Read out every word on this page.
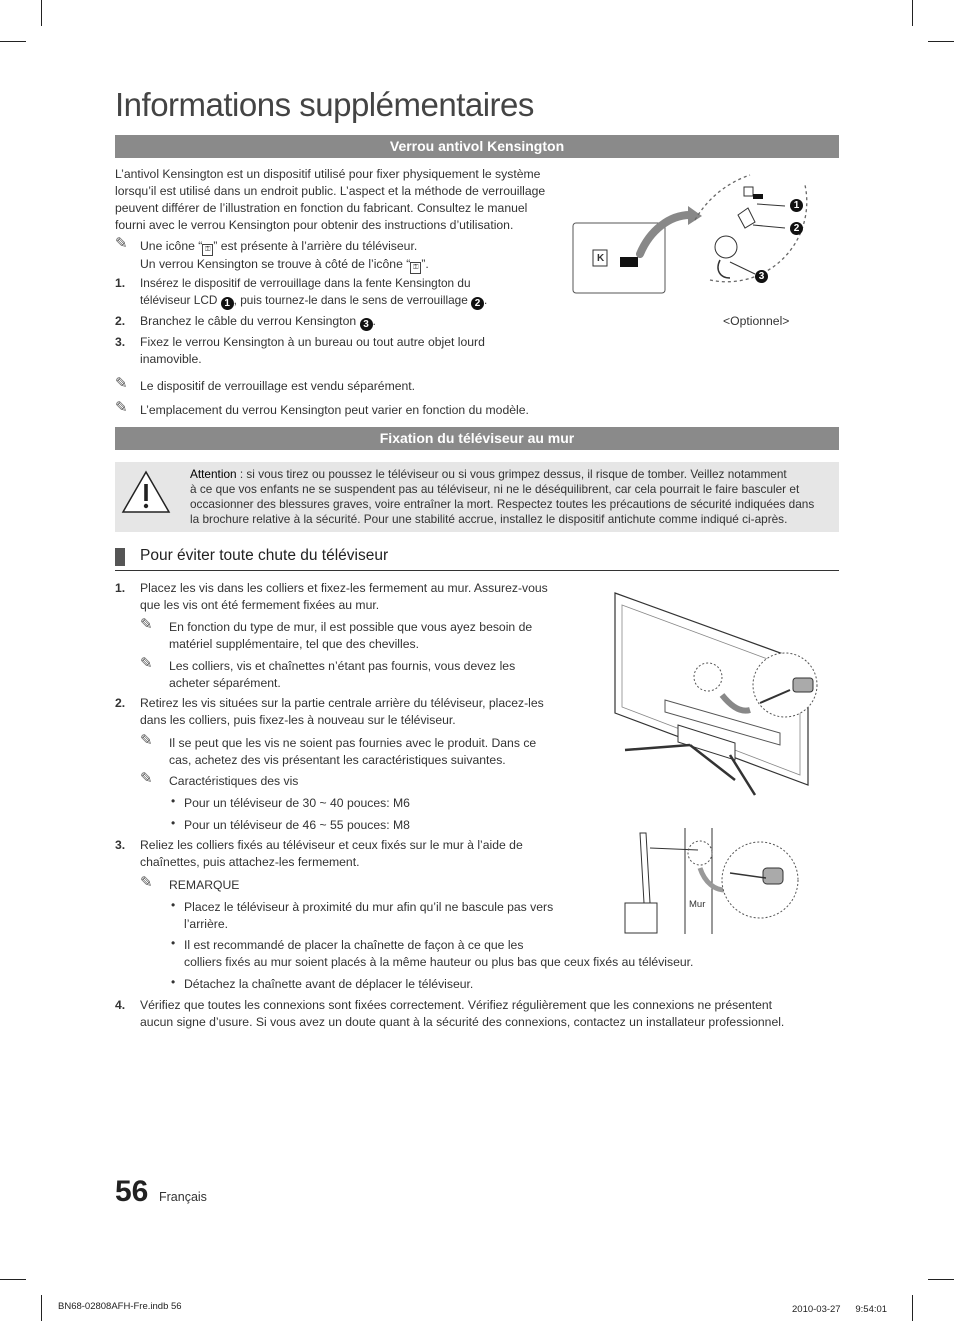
Informations supplémentaires
Verrou antivol Kensington
L’antivol Kensington est un dispositif utilisé pour fixer physiquement le système
lorsqu’il est utilisé dans un endroit public. L’aspect et la méthode de verrouillage
peuvent différer de l’illustration en fonction du fabricant. Consultez le manuel
fourni avec le verrou Kensington pour obtenir des instructions d’utilisation.
✎ Une icône “ ⚿ ” est présente à l’arrière du téléviseur.
Un verrou Kensington se trouve à côté de l’icône “ ⚿ ”.
1. Insérez le dispositif de verrouillage dans la fente Kensington du
téléviseur LCD 1 , puis tournez-le dans le sens de verrouillage 2 .
2. Branchez le câble du verrou Kensington 3 .
3. Fixez le verrou Kensington à un bureau ou tout autre objet lourd
inamovible.
✎ Le dispositif de verrouillage est vendu séparément.
✎ L’emplacement du verrou Kensington peut varier en fonction du modèle.
K
1
2
3
<Optionnel>
Fixation du téléviseur au mur
Attention : si vous tirez ou poussez le téléviseur ou si vous grimpez dessus, il risque de tomber. Veillez notamment
à ce que vos enfants ne se suspendent pas au téléviseur, ni ne le déséquilibrent, car cela pourrait le faire basculer et
occasionner des blessures graves, voire entraîner la mort. Respectez toutes les précautions de sécurité indiquées dans
la brochure relative à la sécurité. Pour une stabilité accrue, installez le dispositif antichute comme indiqué ci-après.
Pour éviter toute chute du téléviseur
1. Placez les vis dans les colliers et fixez-les fermement au mur. Assurez-vous
que les vis ont été fermement fixées au mur.
✎ En fonction du type de mur, il est possible que vous ayez besoin de
matériel supplémentaire, tel que des chevilles.
✎ Les colliers, vis et chaînettes n’étant pas fournis, vous devez les
acheter séparément.
2. Retirez les vis situées sur la partie centrale arrière du téléviseur, placez-les
dans les colliers, puis fixez-les à nouveau sur le téléviseur.
✎ Il se peut que les vis ne soient pas fournies avec le produit. Dans ce
cas, achetez des vis présentant les caractéristiques suivantes.
✎ Caractéristiques des vis
• Pour un téléviseur de 30 ~ 40 pouces: M6
• Pour un téléviseur de 46 ~ 55 pouces: M8
3. Reliez les colliers fixés au téléviseur et ceux fixés sur le mur à l’aide de
chaînettes, puis attachez-les fermement.
✎ REMARQUE
• Placez le téléviseur à proximité du mur afin qu’il ne bascule pas vers
l’arrière.
• Il est recommandé de placer la chaînette de façon à ce que les
colliers fixés au mur soient placés à la même hauteur ou plus bas que ceux fixés au téléviseur.
• Détachez la chaînette avant de déplacer le téléviseur.
4. Vérifiez que toutes les connexions sont fixées correctement. Vérifiez régulièrement que les connexions ne présentent
aucun signe d’usure. Si vous avez un doute quant à la sécurité des connexions, contactez un installateur professionnel.
Mur
56 Français
BN68-02808AFH-Fre.indb 56	2010-03-27 　 9:54:01
